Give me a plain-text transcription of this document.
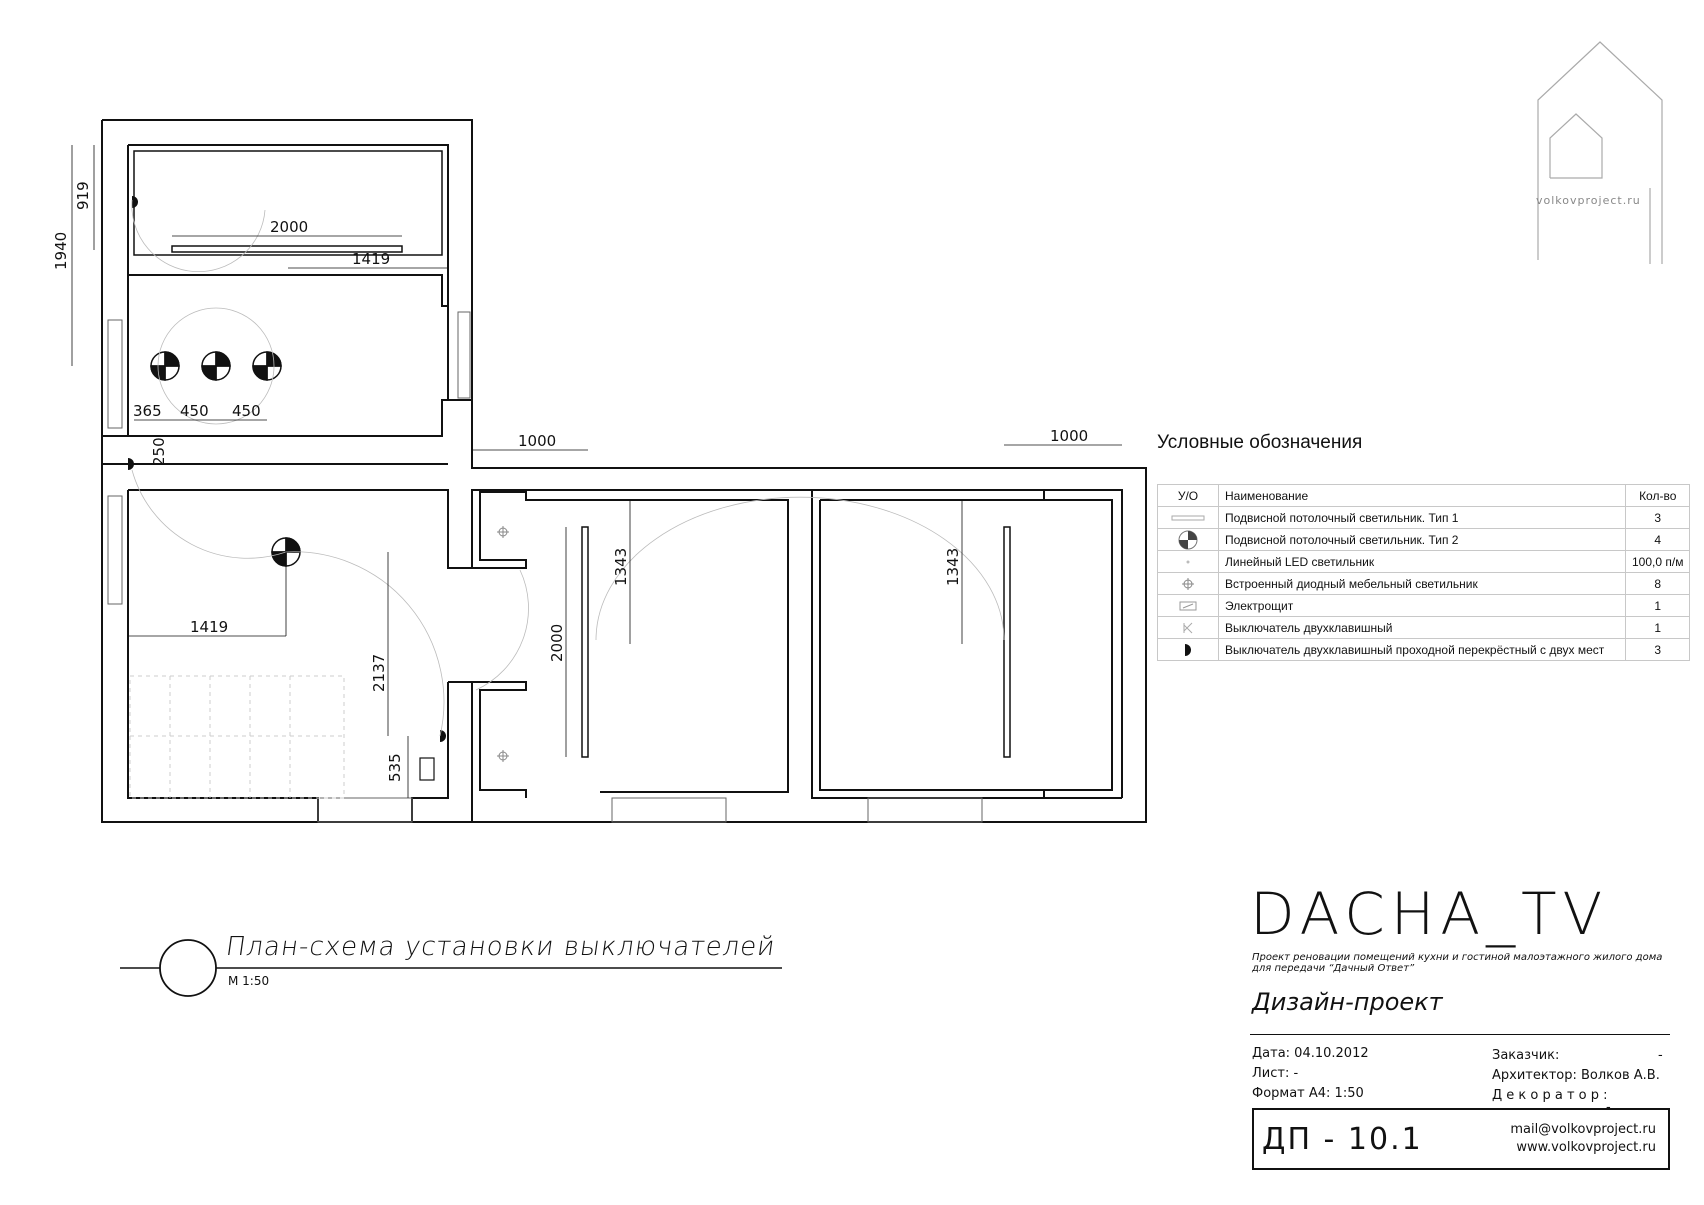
volkovproject.ru
1940
919
2000
1419
365 450 450
250	1000	1000
1343	1343
2000
1419
2137
535
Условные обозначения
У/О	Наименование	Кол-во
	Подвисной потолочный светильник. Тип 1	3
	Подвисной потолочный светильник. Тип 2	4
	Линейный LED светильник	100,0 п/м
	Встроенный диодный мебельный светильник	8
	Электрощит	1
	Выключатель двухклавишный	1
	Выключатель двухклавишный проходной перекрёстный с двух мест	3
План-схема установки выключателей
М 1:50
DACHA_TV
Проект реновации помещений кухни и гостиной малоэтажного жилого дома
для передачи “Дачный Ответ”
Дизайн-проект
Дата: 04.10.2012
Лист: -
Формат А4: 1:50
Заказчик:	-
Архитектор: Волков А.В.
Д е к о р а т о р :
-
ДП - 10.1	mail@volkovproject.ru
www.volkovproject.ru
